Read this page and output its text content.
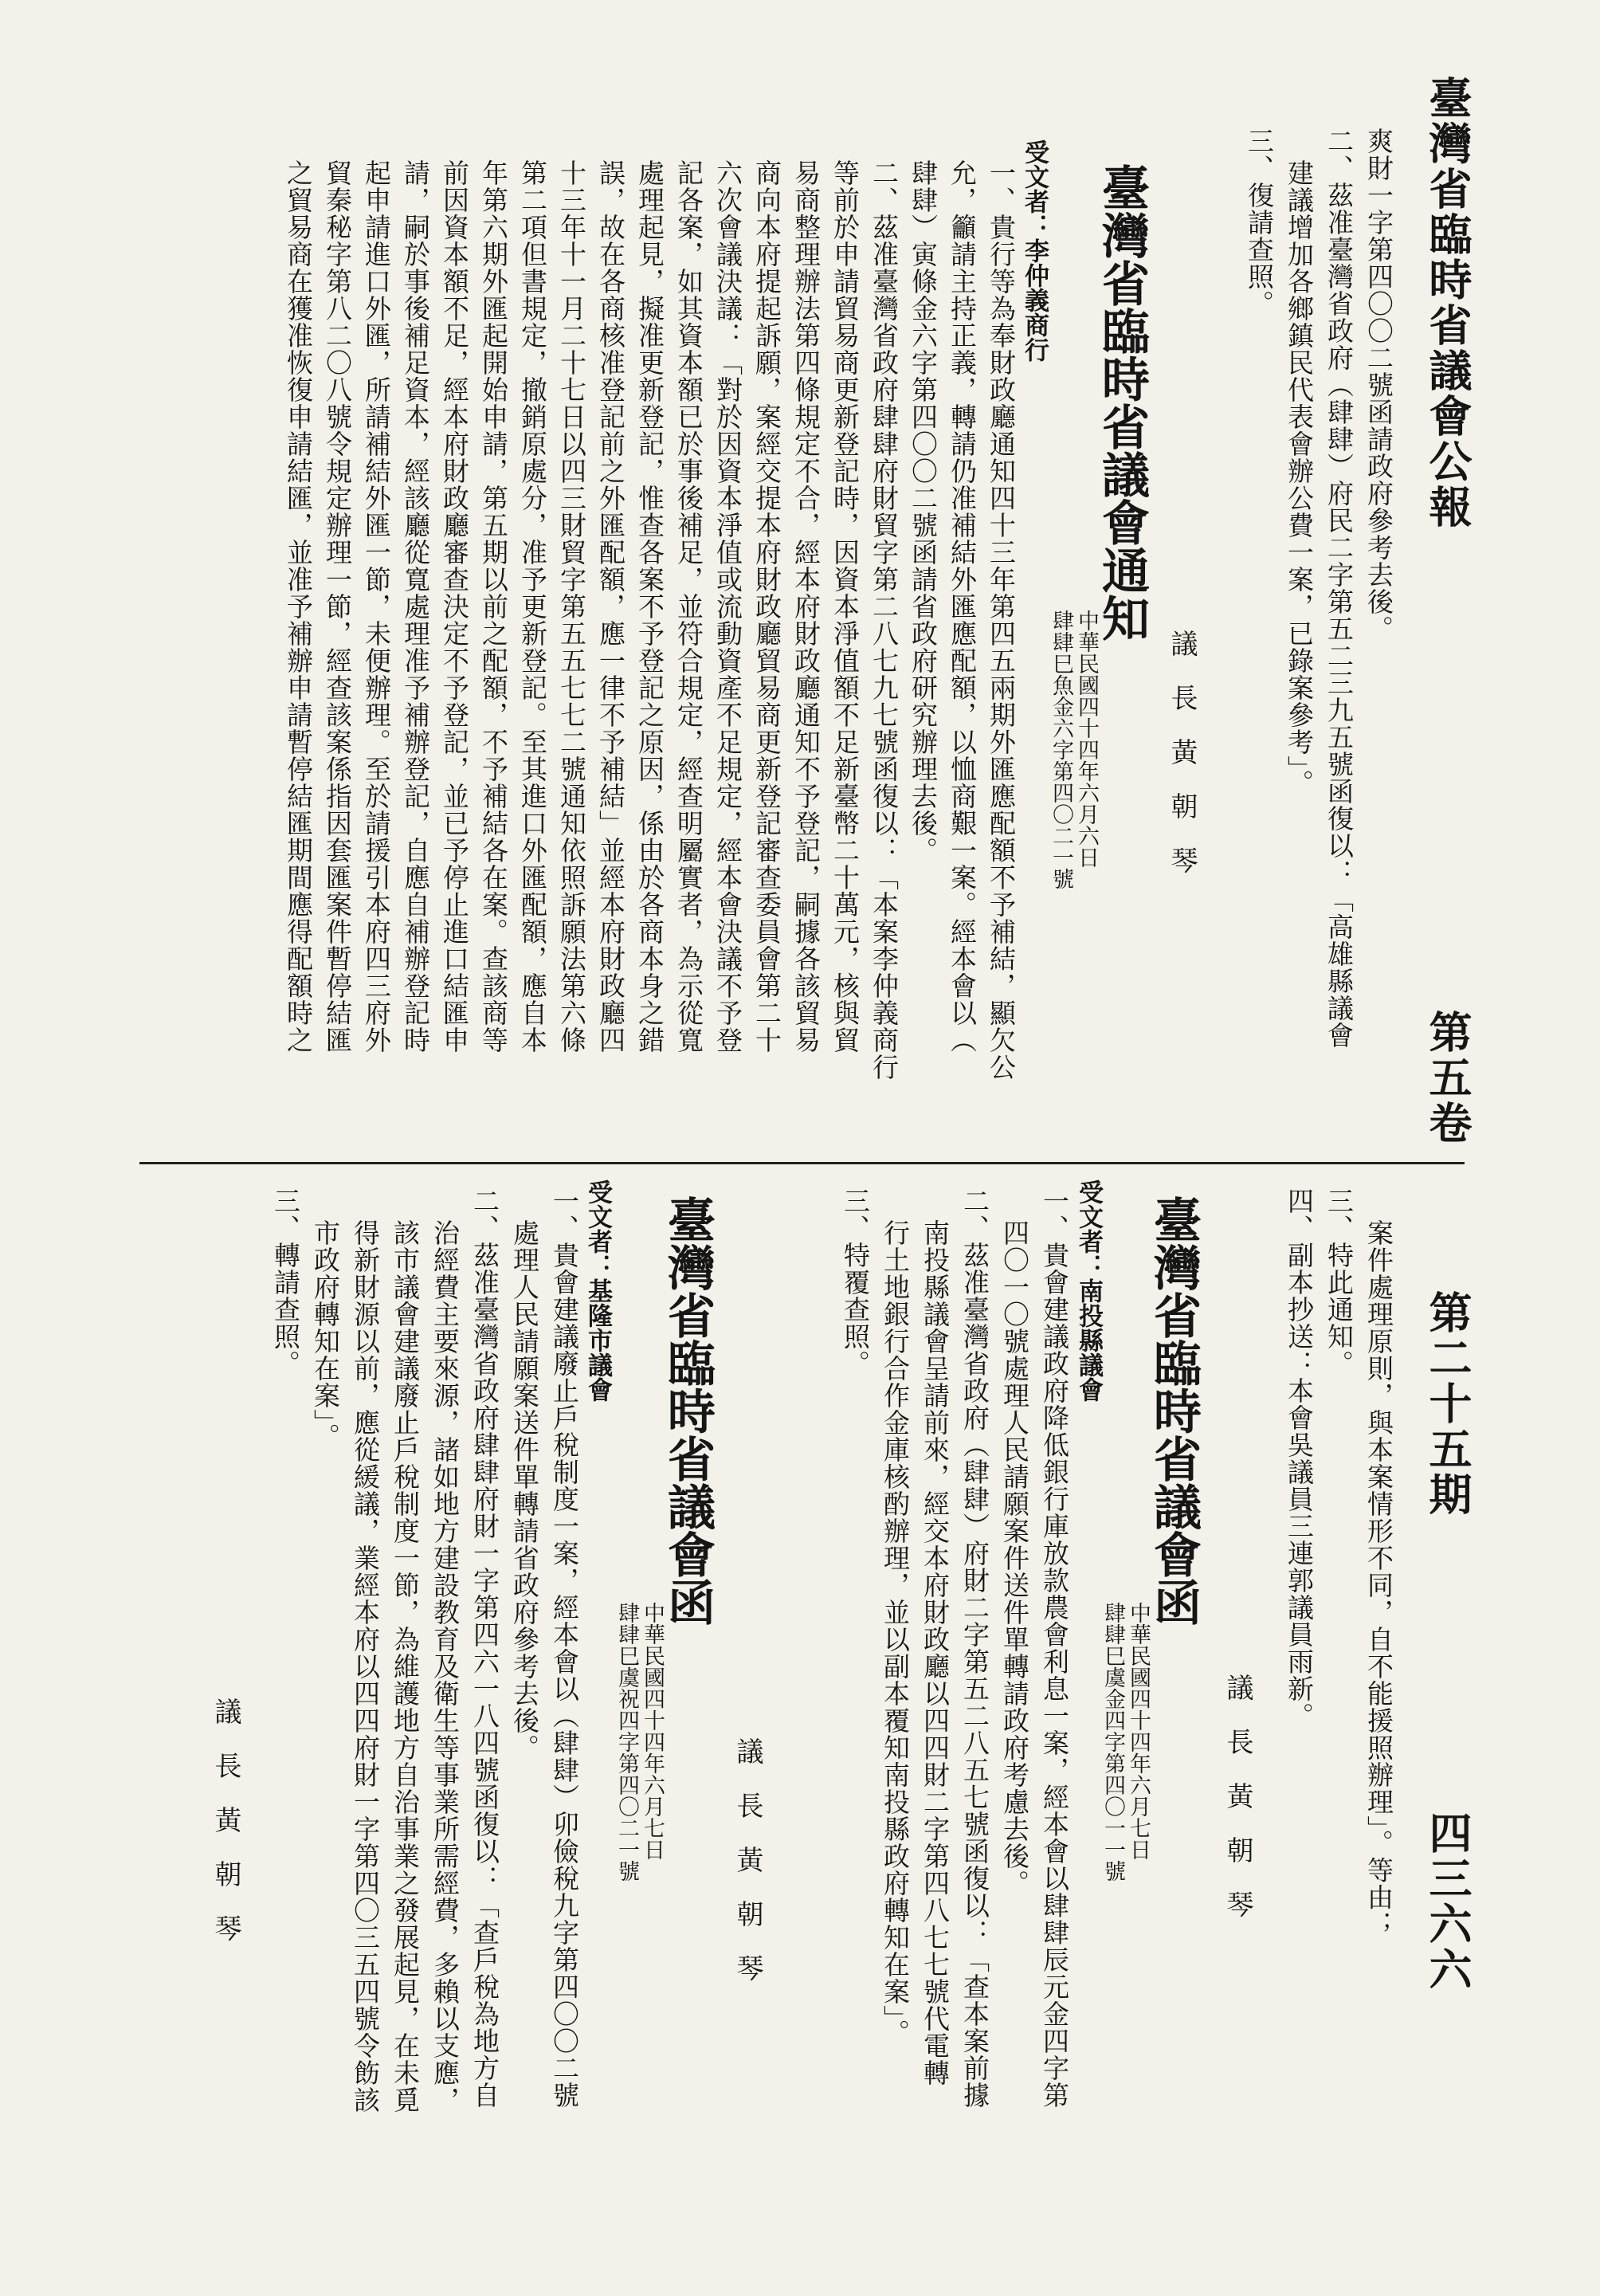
臺灣省臨時省議會公報 第五卷 第二十五期 四三六六
爽財一字第四〇〇二號函請政府參考去後。
二、茲准臺灣省政府（肆肆）府民二字第五二三九五號函復以：「高雄縣議會
建議增加各鄉鎮民代表會辦公費一案，已錄案參考」。
三、復請查照。
議長黃朝琴
臺灣省臨時省議會通知
中華民國四十四年六月六日
肆肆巳魚金六字第四〇二一號
受文者：李仲義商行
一、貴行等為奉財政廳通知四十三年第四五兩期外匯應配額不予補結，顯欠公
允，籲請主持正義，轉請仍准補結外匯應配額，以恤商艱一案。經本會以（
肆肆）寅條金六字第四〇〇二號函請省政府研究辦理去後。
二、茲准臺灣省政府肆肆府財貿字第二八七九七號函復以：「本案李仲義商行
等前於申請貿易商更新登記時，因資本淨值額不足新臺幣二十萬元，核與貿
易商整理辦法第四條規定不合，經本府財政廳通知不予登記，嗣據各該貿易
商向本府提起訴願，案經交提本府財政廳貿易商更新登記審查委員會第二十
六次會議決議：「對於因資本淨值或流動資產不足規定，經本會決議不予登
記各案，如其資本額已於事後補足，並符合規定，經查明屬實者，為示從寬
處理起見，擬准更新登記，惟查各案不予登記之原因，係由於各商本身之錯
誤，故在各商核准登記前之外匯配額，應一律不予補結」並經本府財政廳四
十三年十一月二十七日以四三財貿字第五五七七二號通知依照訴願法第六條
第二項但書規定，撤銷原處分，准予更新登記。至其進口外匯配額，應自本
年第六期外匯起開始申請，第五期以前之配額，不予補結各在案。查該商等
前因資本額不足，經本府財政廳審查決定不予登記，並已予停止進口結匯申
請，嗣於事後補足資本，經該廳從寬處理准予補辦登記，自應自補辦登記時
起申請進口外匯，所請補結外匯一節，未便辦理。至於請援引本府四三府外
貿秦秘字第八二〇八號令規定辦理一節，經查該案係指因套匯案件暫停結匯
之貿易商在獲准恢復申請結匯，並准予補辦申請暫停結匯期間應得配額時之
案件處理原則，與本案情形不同，自不能援照辦理」。等由；
三、特此通知。
四、副本抄送：本會吳議員三連郭議員雨新。
議長黃朝琴
臺灣省臨時省議會函
中華民國四十四年六月七日
肆肆巳虞金四字第四〇一一號
受文者：南投縣議會
一、貴會建議政府降低銀行庫放款農會利息一案，經本會以肆肆辰元金四字第
四〇一〇號處理人民請願案件送件單轉請政府考慮去後。
二、茲准臺灣省政府（肆肆）府財二字第五二八五七號函復以：「查本案前據
南投縣議會呈請前來，經交本府財政廳以四四財二字第四八七七號代電轉
行土地銀行合作金庫核酌辦理，並以副本覆知南投縣政府轉知在案」。
三、特覆查照。
議長黃朝琴
臺灣省臨時省議會函
中華民國四十四年六月七日
肆肆巳虞祝四字第四〇二一號
受文者：基隆市議會
一、貴會建議廢止戶稅制度一案，經本會以（肆肆）卯儉稅九字第四〇〇二號
處理人民請願案送件單轉請省政府參考去後。
二、茲准臺灣省政府肆肆府財一字第四六一八四號函復以：「查戶稅為地方自
治經費主要來源，諸如地方建設教育及衛生等事業所需經費，多賴以支應，
該市議會建議廢止戶稅制度一節，為維護地方自治事業之發展起見，在未覓
得新財源以前，應從緩議，業經本府以四四府財一字第四〇三五四號令飭該
市政府轉知在案」。
三、轉請查照。
議長黃朝琴
